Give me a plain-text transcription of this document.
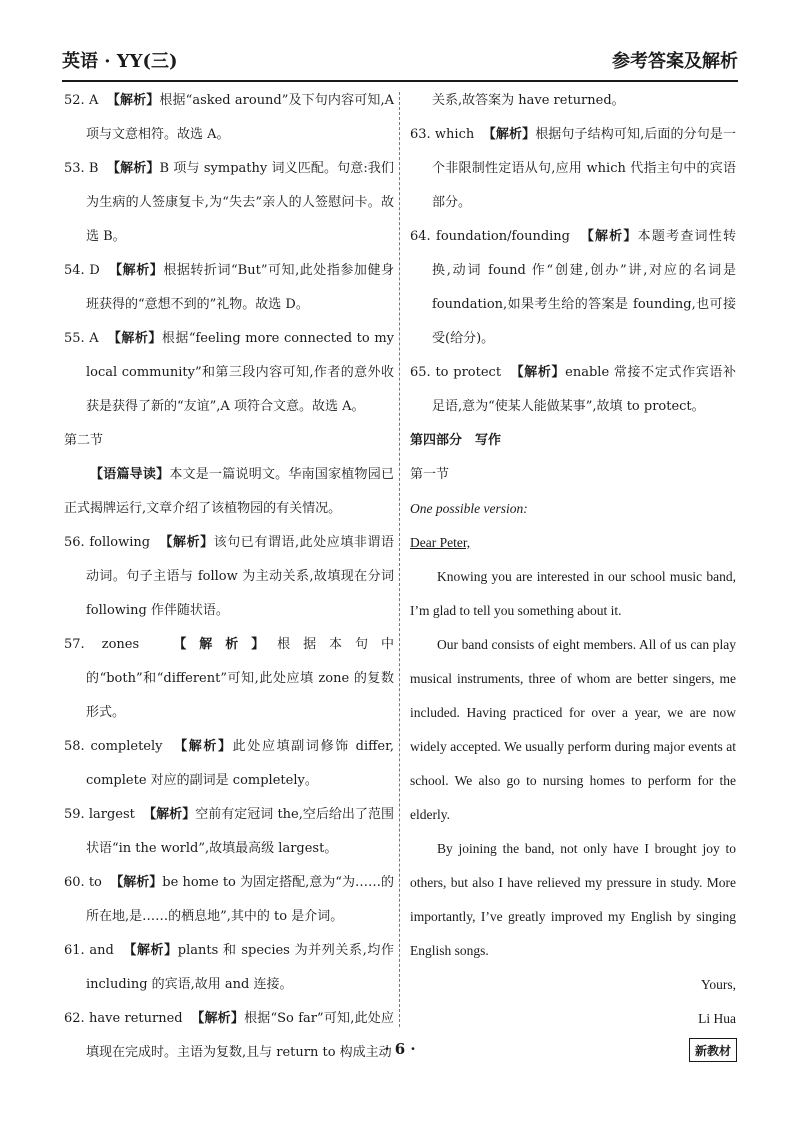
英语 · YY(三)	参考答案及解析

52. A 【解析】根据“asked around”及下句内容可知,A项与文意相符。故选 A。

53. B 【解析】B 项与 sympathy 词义匹配。句意:我们为生病的人签康复卡,为“失去”亲人的人签慰问卡。故选 B。

54. D 【解析】根据转折词“But”可知,此处指参加健身班获得的“意想不到的”礼物。故选 D。

55. A 【解析】根据“feeling more connected to my local community”和第三段内容可知,作者的意外收获是获得了新的“友谊”,A 项符合文意。故选 A。

第二节

【语篇导读】本文是一篇说明文。华南国家植物园已正式揭牌运行,文章介绍了该植物园的有关情况。

56. following 【解析】该句已有谓语,此处应填非谓语动词。句子主语与 follow 为主动关系,故填现在分词 following 作伴随状语。

57. zones	【解析】根据本句中的“both”和“different”可知,此处应填 zone 的复数形式。

58. completely 【解析】此处应填副词修饰 differ, complete 对应的副词是 completely。

59. largest 【解析】空前有定冠词 the,空后给出了范围状语“in the world”,故填最高级 largest。

60. to 【解析】be home to 为固定搭配,意为“为……的所在地,是……的栖息地”,其中的 to 是介词。

61. and 【解析】plants 和 species 为并列关系,均作 including 的宾语,故用 and 连接。

62. have returned 【解析】根据“So far”可知,此处应填现在完成时。主语为复数,且与 return to 构成主动

关系,故答案为 have returned。

63. which 【解析】根据句子结构可知,后面的分句是一个非限制性定语从句,应用 which 代指主句中的宾语部分。

64. foundation/founding 【解析】本题考查词性转换,动词 found 作“创建,创办”讲,对应的名词是 foundation,如果考生给的答案是 founding,也可接受(给分)。

65. to protect 【解析】enable 常接不定式作宾语补足语,意为“使某人能做某事”,故填 to protect。

第四部分　写作

第一节

One possible version:
Dear Peter,

Knowing you are interested in our school music band, I’m glad to tell you something about it.

Our band consists of eight members. All of us can play musical instruments, three of whom are better singers, me included. Having practiced for over a year, we are now widely accepted. We usually perform during major events at school. We also go to nursing homes to perform for the elderly.

By joining the band, not only have I brought joy to others, but also I have relieved my pressure in study. More importantly, I’ve greatly improved my English by singing English songs.

Yours,
Li Hua
· 6 ·	新教材
